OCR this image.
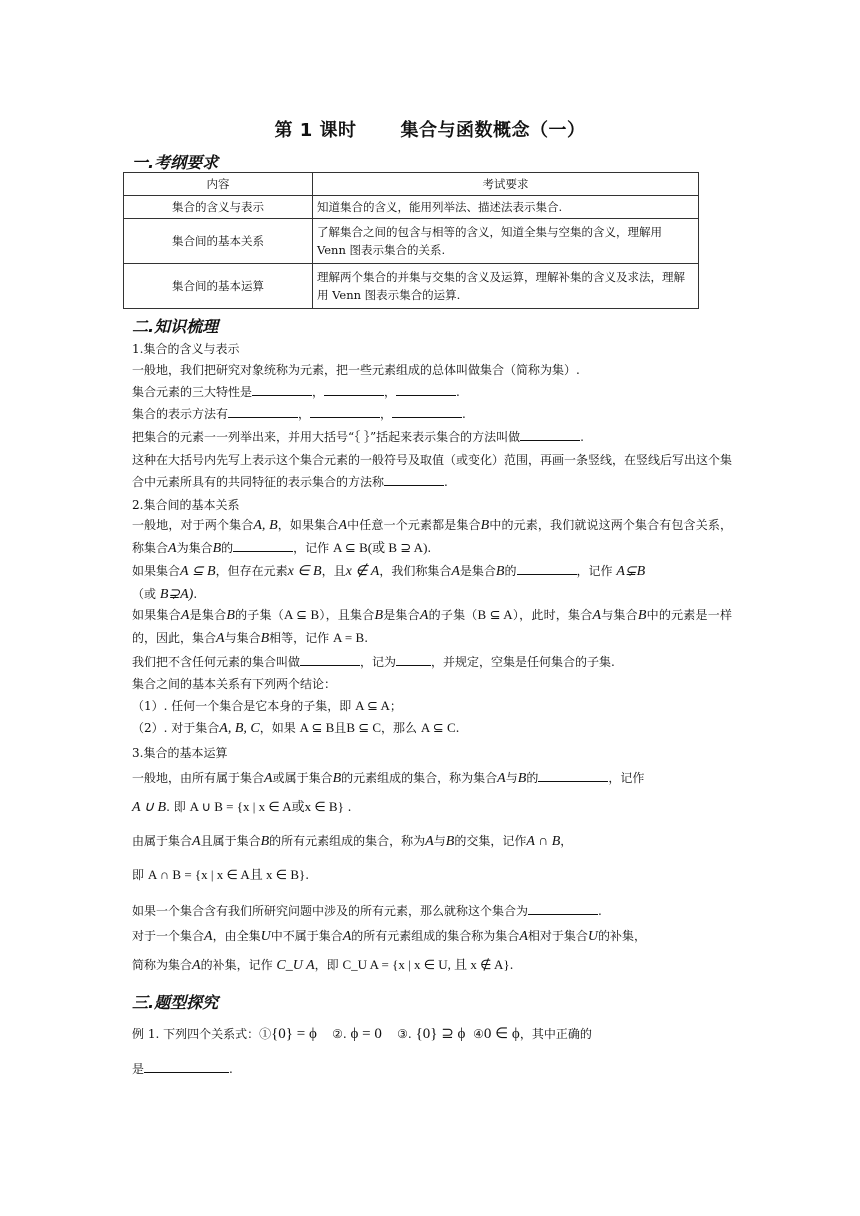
第 1 课时 集合与函数概念（一）
一.考纲要求
内容	考试要求
集合的含义与表示	知道集合的含义，能用列举法、描述法表示集合.
集合间的基本关系	了解集合之间的包含与相等的含义，知道全集与空集的含义，理解用 Venn 图表示集合的关系.
集合间的基本运算	理解两个集合的并集与交集的含义及运算，理解补集的含义及求法，理解用 Venn 图表示集合的运算.
二.知识梳理
1.集合的含义与表示
一般地，我们把研究对象统称为元素，把一些元素组成的总体叫做集合（简称为集）.
集合元素的三大特性是	，	，	.
集合的表示方法有	，	，	.
把集合的元素一一列举出来，并用大括号“｛ ｝”括起来表示集合的方法叫做	.
这种在大括号内先写上表示这个集合元素的一般符号及取值（或变化）范围，再画一条竖线，在竖线后写出这个集合中元素所具有的共同特征的表示集合的方法称	.
2.集合间的基本关系
一般地，对于两个集合A, B，如果集合A中任意一个元素都是集合B中的元素，我们就说这两个集合有包含关系，称集合A为集合B的	，记作 A ⊆ B(或 B ⊇ A).
如果集合A ⊆ B，但存在元素x ∈ B，且x ∉ A，我们称集合A是集合B的	，记作 A⊊B
（或 B⊋A).
如果集合A是集合B的子集（A ⊆ B），且集合B是集合A的子集（B ⊆ A），此时，集合A与集合B中的元素是一样的，因此，集合A与集合B相等，记作 A = B.
我们把不含任何元素的集合叫做	，记为	，并规定，空集是任何集合的子集.
集合之间的基本关系有下列两个结论：
（1）. 任何一个集合是它本身的子集，即 A ⊆ A；
（2）. 对于集合A, B, C，如果 A ⊆ B且B ⊆ C，那么 A ⊆ C.
3.集合的基本运算
一般地，由所有属于集合A或属于集合B的元素组成的集合，称为集合A与B的	，记作
A ∪ B. 即 A ∪ B = {x | x ∈ A或x ∈ B} .
由属于集合A且属于集合B的所有元素组成的集合，称为A与B的交集，记作A ∩ B，
即 A ∩ B = {x | x ∈ A且 x ∈ B}.
如果一个集合含有我们所研究问题中涉及的所有元素，那么就称这个集合为	.
对于一个集合A，由全集U中不属于集合A的所有元素组成的集合称为集合A相对于集合U的补集，
简称为集合A的补集，记作 C_U A，即 C_U A = {x | x ∈ U, 且 x ∉ A}.
三.题型探究
例 1. 下列四个关系式：①{0} = ϕ ②. ϕ = 0 ③. {0} ⊇ ϕ ④0 ∈ ϕ，其中正确的
是	.
